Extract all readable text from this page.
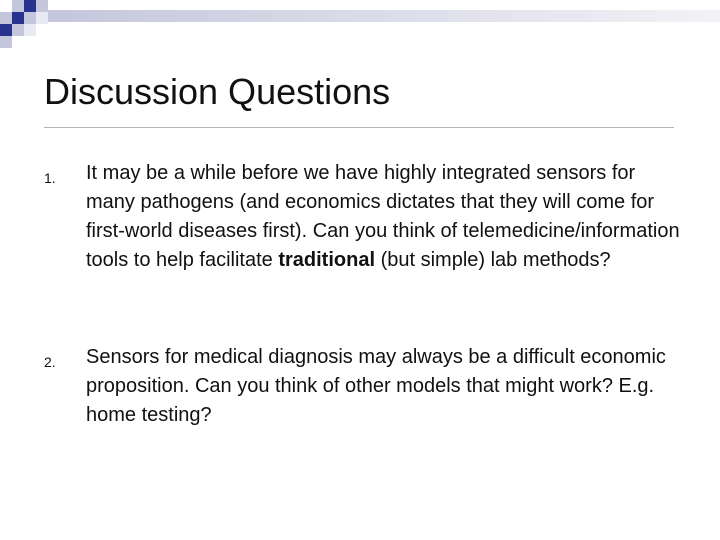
Discussion Questions
1. It may be a while before we have highly integrated sensors for many pathogens (and economics dictates that they will come for first-world diseases first). Can you think of telemedicine/information tools to help facilitate traditional (but simple) lab methods?
2. Sensors for medical diagnosis may always be a difficult economic proposition. Can you think of other models that might work? E.g. home testing?
